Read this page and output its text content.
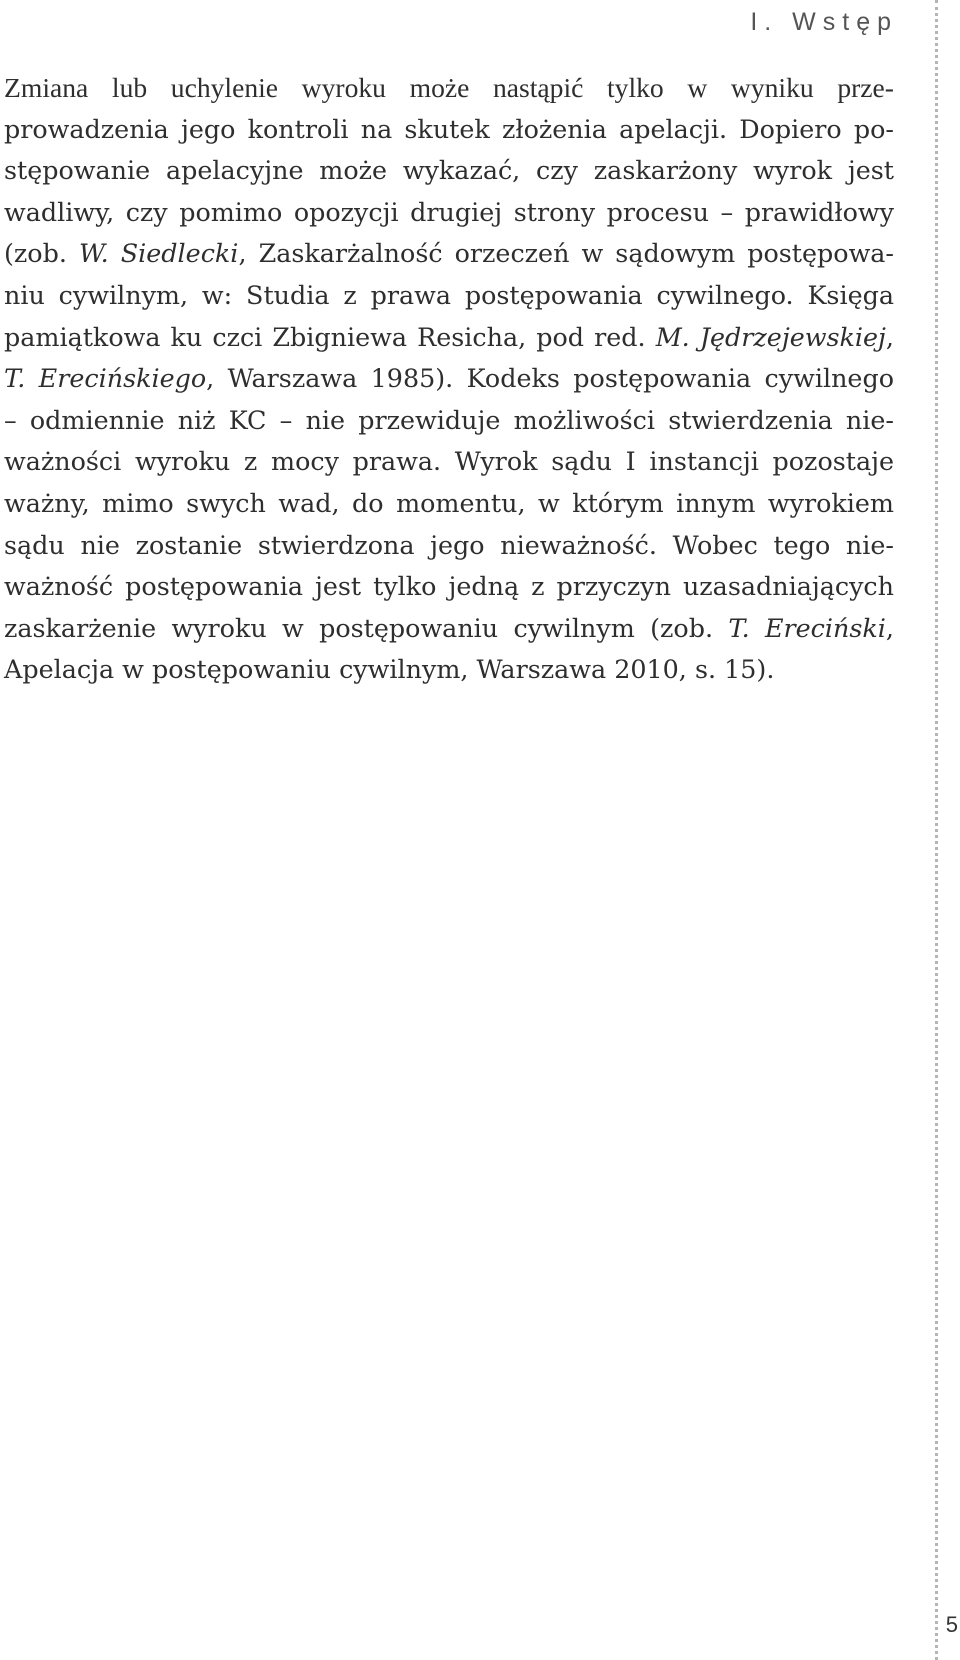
I. Wstęp
Zmiana lub uchylenie wyroku może nastąpić tylko w wyniku prze-
prowadzenia jego kontroli na skutek złożenia apelacji. Dopiero po-
stępowanie apelacyjne może wykazać, czy zaskarżony wyrok jest
wadliwy, czy pomimo opozycji drugiej strony procesu – prawidłowy
(zob. W. Siedlecki, Zaskarżalność orzeczeń w sądowym postępowa-
niu cywilnym, w: Studia z prawa postępowania cywilnego. Księga
pamiątkowa ku czci Zbigniewa Resicha, pod red. M. Jędrzejewskiej,
T. Erecińskiego, Warszawa 1985). Kodeks postępowania cywilnego
– odmiennie niż KC – nie przewiduje możliwości stwierdzenia nie-
ważności wyroku z mocy prawa. Wyrok sądu I instancji pozostaje
ważny, mimo swych wad, do momentu, w którym innym wyrokiem
sądu nie zostanie stwierdzona jego nieważność. Wobec tego nie-
ważność postępowania jest tylko jedną z przyczyn uzasadniających
zaskarżenie wyroku w postępowaniu cywilnym (zob. T. Ereciński,
Apelacja w postępowaniu cywilnym, Warszawa 2010, s. 15).
5
